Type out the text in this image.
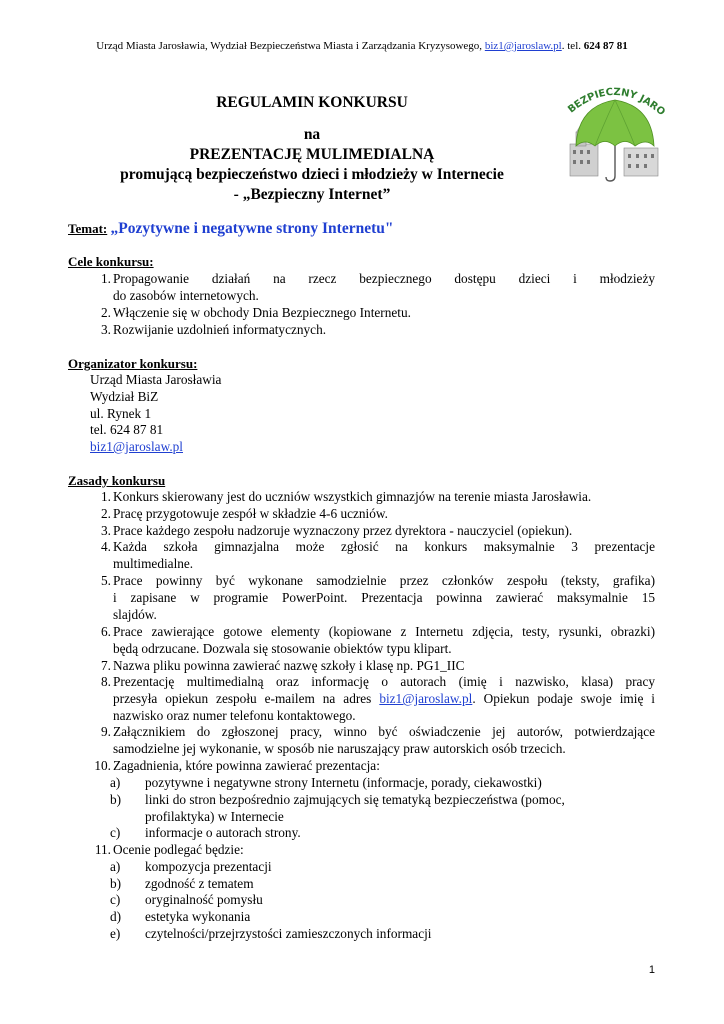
Urząd Miasta Jarosławia, Wydział Bezpieczeństwa Miasta i Zarządzania Kryzysowego, biz1@jaroslaw.pl. tel. 624 87 81
REGULAMIN KONKURSU
na
PREZENTACJĘ MULIMEDIALNĄ
promującą bezpieczeństwo dzieci i młodzieży w Internecie
- „Bezpieczny Internet”
BEZPIECZNY JARO
Temat: „Pozytywne i negatywne strony Internetu"
Cele konkursu:
1. Propagowanie działań na rzecz bezpiecznego dostępu dzieci i młodzieży
do zasobów internetowych.
2. Włączenie się w obchody Dnia Bezpiecznego Internetu.
3. Rozwijanie uzdolnień informatycznych.
Organizator konkursu:
Urząd Miasta Jarosławia
Wydział BiZ
ul. Rynek 1
tel. 624 87 81
biz1@jaroslaw.pl
Zasady konkursu
1. Konkurs skierowany jest do uczniów wszystkich gimnazjów na terenie miasta Jarosławia.
2. Pracę przygotowuje zespół w składzie 4-6 uczniów.
3. Prace każdego zespołu nadzoruje wyznaczony przez dyrektora - nauczyciel (opiekun).
4. Każda szkoła gimnazjalna może zgłosić na konkurs maksymalnie 3 prezentacje
multimedialne.
5. Prace powinny być wykonane samodzielnie przez członków zespołu (teksty, grafika)
i zapisane w programie PowerPoint. Prezentacja powinna zawierać maksymalnie 15
slajdów.
6. Prace zawierające gotowe elementy (kopiowane z Internetu zdjęcia, testy, rysunki, obrazki)
będą odrzucane. Dozwala się stosowanie obiektów typu klipart.
7. Nazwa pliku powinna zawierać nazwę szkoły i klasę np. PG1_IIC
8. Prezentację multimedialną oraz informację o autorach (imię i nazwisko, klasa) pracy
przesyła opiekun zespołu e-mailem na adres biz1@jaroslaw.pl. Opiekun podaje swoje imię i
nazwisko oraz numer telefonu kontaktowego.
9. Załącznikiem do zgłoszonej pracy, winno być oświadczenie jej autorów, potwierdzające
samodzielne jej wykonanie, w sposób nie naruszający praw autorskich osób trzecich.
10. Zagadnienia, które powinna zawierać prezentacja:
a)	pozytywne i negatywne strony Internetu (informacje, porady, ciekawostki)
b)	linki do stron bezpośrednio zajmujących się tematyką bezpieczeństwa (pomoc,
profilaktyka) w Internecie
c)	informacje o autorach strony.
11. Ocenie podlegać będzie:
a)	kompozycja prezentacji
b)	zgodność z tematem
c)	oryginalność pomysłu
d)	estetyka wykonania
e)	czytelności/przejrzystości zamieszczonych informacji
1
